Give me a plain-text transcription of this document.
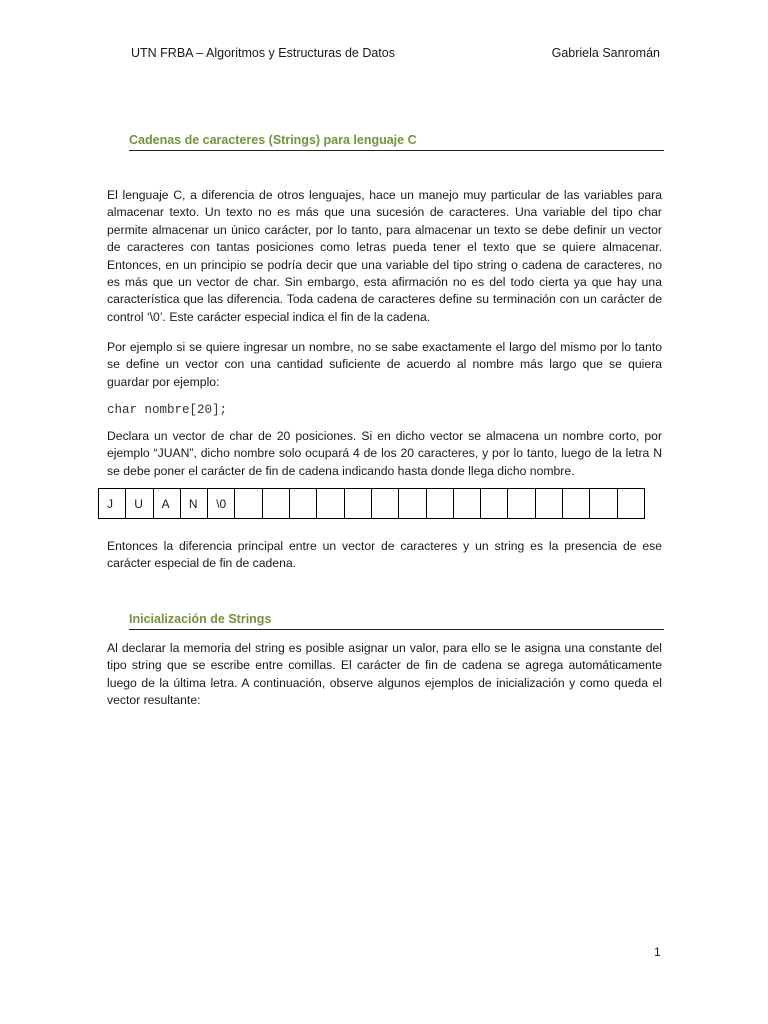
UTN FRBA – Algoritmos y Estructuras de Datos	Gabriela Sanromán
Cadenas de caracteres (Strings) para lenguaje C
El lenguaje C, a diferencia de otros lenguajes, hace un manejo muy particular de las variables para almacenar texto. Un texto no es más que una sucesión de caracteres. Una variable del tipo char permite almacenar un único carácter, por lo tanto, para almacenar un texto se debe definir un vector de caracteres con tantas posiciones como letras pueda tener el texto que se quiere almacenar. Entonces, en un principio se podría decir que una variable del tipo string o cadena de caracteres, no es más que un vector de char. Sin embargo, esta afirmación no es del todo cierta ya que hay una característica que las diferencia. Toda cadena de caracteres define su terminación con un carácter de control ‘\0’. Este carácter especial indica el fin de la cadena.
Por ejemplo si se quiere ingresar un nombre, no se sabe exactamente el largo del mismo por lo tanto se define un vector con una cantidad suficiente de acuerdo al nombre más largo que se quiera guardar por ejemplo:
char nombre[20];
Declara un vector de char de 20 posiciones. Si en dicho vector se almacena un nombre corto, por ejemplo “JUAN”, dicho nombre solo ocupará 4 de los 20 caracteres, y por lo tanto, luego de la letra N se debe poner el carácter de fin de cadena indicando hasta donde llega dicho nombre.
J	U	A	N	\0															
Entonces la diferencia principal entre un vector de caracteres y un string es la presencia de ese carácter especial de fin de cadena.
Inicialización de Strings
Al declarar la memoria del string es posible asignar un valor, para ello se le asigna una constante del tipo string que se escribe entre comillas. El carácter de fin de cadena se agrega automáticamente luego de la última letra. A continuación, observe algunos ejemplos de inicialización y como queda el vector resultante:
1
